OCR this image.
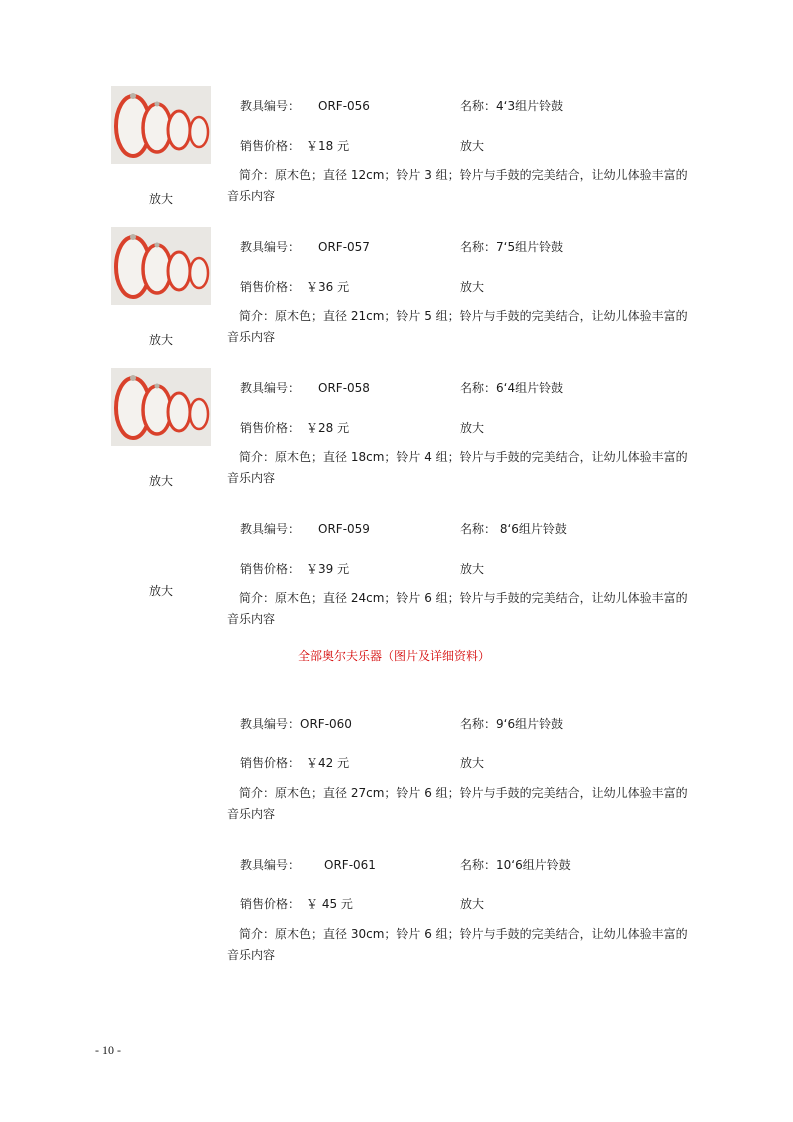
教具编号： ORF-056	名称：4‘3组片铃鼓
销售价格： ￥18 元	放大
简介：原木色；直径 12cm；铃片 3 组；铃片与手鼓的完美结合，让幼儿体验丰富的音乐内容
放大
教具编号： ORF-057	名称：7‘5组片铃鼓
销售价格： ￥36 元	放大
简介：原木色；直径 21cm；铃片 5 组；铃片与手鼓的完美结合，让幼儿体验丰富的音乐内容
放大
教具编号： ORF-058	名称：6‘4组片铃鼓
销售价格： ￥28 元	放大
简介：原木色；直径 18cm；铃片 4 组；铃片与手鼓的完美结合，让幼儿体验丰富的音乐内容
放大
教具编号： ORF-059	名称： 8‘6组片铃鼓
销售价格： ￥39 元	放大
放大	简介：原木色；直径 24cm；铃片 6 组；铃片与手鼓的完美结合，让幼儿体验丰富的音乐内容
全部奥尔夫乐器（图片及详细资料）
教具编号：ORF-060	名称：9‘6组片铃鼓
销售价格： ￥42 元	放大
简介：原木色；直径 27cm；铃片 6 组；铃片与手鼓的完美结合，让幼儿体验丰富的音乐内容
教具编号： ORF-061	名称：10‘6组片铃鼓
销售价格： ￥ 45 元	放大
简介：原木色；直径 30cm；铃片 6 组；铃片与手鼓的完美结合，让幼儿体验丰富的音乐内容
- 10 -
